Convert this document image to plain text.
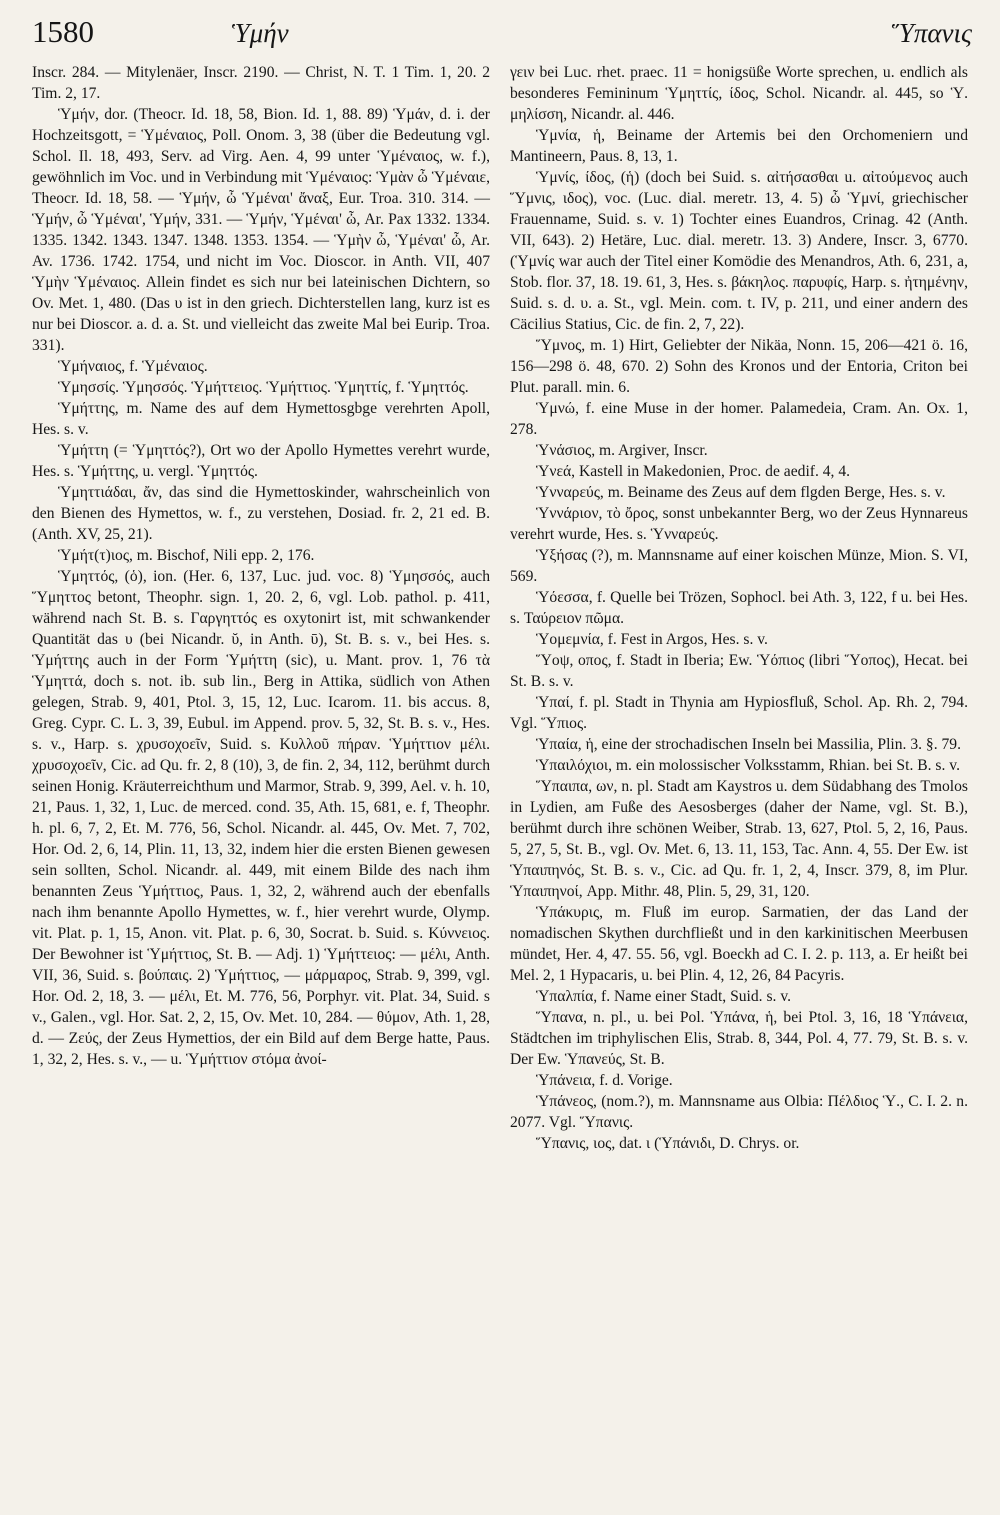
1580	Ὑμήν	Ὕπανις

Inscr. 284. — Mitylenäer, Inscr. 2190. — Christ, N. T. 1 Tim. 1, 20. 2 Tim. 2, 17.

Ὑμήν, dor. (Theocr. Id. 18, 58, Bion. Id. 1, 88. 89) Ὑμάν, d. i. der Hochzeitsgott, = Ὑμέναιος, Poll. Onom. 3, 38 (über die Bedeutung vgl. Schol. Il. 18, 493, Serv. ad Virg. Aen. 4, 99 unter Ὑμέναιος, w. f.), gewöhnlich im Voc. und in Verbindung mit Ὑμέναιος: Ὑμὰν ὦ Ὑμέναιε, Theocr. Id. 18, 58. — Ὑμήν, ὦ Ὑμέναι' ἄναξ, Eur. Troa. 310. 314. — Ὑμήν, ὦ Ὑμέναι', Ὑμήν, 331. — Ὑμήν, Ὑμέναι' ὦ, Ar. Pax 1332. 1334. 1335. 1342. 1343. 1347. 1348. 1353. 1354. — Ὑμὴν ὦ, Ὑμέναι' ὦ, Ar. Av. 1736. 1742. 1754, und nicht im Voc. Dioscor. in Anth. VII, 407 Ὑμὴν Ὑμέναιος. Allein findet es sich nur bei lateinischen Dichtern, so Ov. Met. 1, 480. (Das υ ist in den griech. Dichterstellen lang, kurz ist es nur bei Dioscor. a. d. a. St. und vielleicht das zweite Mal bei Eurip. Troa. 331).

Ὑμήναιος, f. Ὑμέναιος.

Ὑμησσίς. Ὑμησσός. Ὑμήττειος. Ὑμήττιος. Ὑμηττίς, f. Ὑμηττός.

Ὑμήττης, m. Name des auf dem Hymettosgbge verehrten Apoll, Hes. s. v.

Ὑμήττη (= Ὑμηττός?), Ort wo der Apollo Hymettes verehrt wurde, Hes. s. Ὑμήττης, u. vergl. Ὑμηττός.

Ὑμηττιάδαι, ἄν, das sind die Hymettoskinder, wahrscheinlich von den Bienen des Hymettos, w. f., zu verstehen, Dosiad. fr. 2, 21 ed. B. (Anth. XV, 25, 21).

Ὑμήτ(τ)ιος, m. Bischof, Nili epp. 2, 176.

Ὑμηττός, (ὁ), ion. (Her. 6, 137, Luc. jud. voc. 8) Ὑμησσός, auch Ὕμηττος betont, Theophr. sign. 1, 20. 2, 6, vgl. Lob. pathol. p. 411, während nach St. B. s. Γαργηττός es oxytonirt ist, mit schwankender Quantität das υ (bei Nicandr. ῠ, in Anth. ῡ), St. B. s. v., bei Hes. s. Ὑμήττης auch in der Form Ὑμήττη (sic), u. Mant. prov. 1, 76 τὰ Ὑμηττά, doch s. not. ib. sub lin., Berg in Attika, südlich von Athen gelegen, Strab. 9, 401, Ptol. 3, 15, 12, Luc. Icarom. 11. bis accus. 8, Greg. Cypr. C. L. 3, 39, Eubul. im Append. prov. 5, 32, St. B. s. v., Hes. s. v., Harp. s. χρυσοχοεῖν, Suid. s. Κυλλοῦ πήραν. Ὑμήττιον μέλι. χρυσοχοεῖν, Cic. ad Qu. fr. 2, 8 (10), 3, de fin. 2, 34, 112, berühmt durch seinen Honig. Kräuterreichthum und Marmor, Strab. 9, 399, Ael. v. h. 10, 21, Paus. 1, 32, 1, Luc. de merced. cond. 35, Ath. 15, 681, e. f, Theophr. h. pl. 6, 7, 2, Et. M. 776, 56, Schol. Nicandr. al. 445, Ov. Met. 7, 702, Hor. Od. 2, 6, 14, Plin. 11, 13, 32, indem hier die ersten Bienen gewesen sein sollten, Schol. Nicandr. al. 449, mit einem Bilde des nach ihm benannten Zeus Ὑμήττιος, Paus. 1, 32, 2, während auch der ebenfalls nach ihm benannte Apollo Hymettes, w. f., hier verehrt wurde, Olymp. vit. Plat. p. 1, 15, Anon. vit. Plat. p. 6, 30, Socrat. b. Suid. s. Κύννειος. Der Bewohner ist Ὑμήττιος, St. B. — Adj. 1) Ὑμήττειος: — μέλι, Anth. VII, 36, Suid. s. βούπαις. 2) Ὑμήττιος, — μάρμαρος, Strab. 9, 399, vgl. Hor. Od. 2, 18, 3. — μέλι, Et. M. 776, 56, Porphyr. vit. Plat. 34, Suid. s v., Galen., vgl. Hor. Sat. 2, 2, 15, Ov. Met. 10, 284. — θύμον, Ath. 1, 28, d. — Ζεύς, der Zeus Hymettios, der ein Bild auf dem Berge hatte, Paus. 1, 32, 2, Hes. s. v., — u. Ὑμήττιον στόμα ἀνοί-

γειν bei Luc. rhet. praec. 11 = honigsüße Worte sprechen, u. endlich als besonderes Femininum Ὑμηττίς, ίδος, Schol. Nicandr. al. 445, so Ὑ. μηλίσση, Nicandr. al. 446.

Ὑμνία, ἡ, Beiname der Artemis bei den Orchomeniern und Mantineern, Paus. 8, 13, 1.

Ὑμνίς, ίδος, (ἡ) (doch bei Suid. s. αἰτήσασθαι u. αἰτούμενος auch Ὕμνις, ιδος), voc. (Luc. dial. meretr. 13, 4. 5) ὦ Ὑμνί, griechischer Frauenname, Suid. s. v. 1) Tochter eines Euandros, Crinag. 42 (Anth. VII, 643). 2) Hetäre, Luc. dial. meretr. 13. 3) Andere, Inscr. 3, 6770. (Ὑμνίς war auch der Titel einer Komödie des Menandros, Ath. 6, 231, a, Stob. flor. 37, 18. 19. 61, 3, Hes. s. βάκηλος. παρυφίς, Harp. s. ἠτημένην, Suid. s. d. υ. a. St., vgl. Mein. com. t. IV, p. 211, und einer andern des Cäcilius Statius, Cic. de fin. 2, 7, 22).

Ὕμνος, m. 1) Hirt, Geliebter der Nikäa, Nonn. 15, 206—421 ö. 16, 156—298 ö. 48, 670. 2) Sohn des Kronos und der Entoria, Criton bei Plut. parall. min. 6.

Ὑμνώ, f. eine Muse in der homer. Palamedeia, Cram. An. Ox. 1, 278.

Ὑνάσιος, m. Argiver, Inscr.

Ὑνεά, Kastell in Makedonien, Proc. de aedif. 4, 4.

Ὑνναρεύς, m. Beiname des Zeus auf dem flgden Berge, Hes. s. v.

Ὑννάριον, τὸ ὄρος, sonst unbekannter Berg, wo der Zeus Hynnareus verehrt wurde, Hes. s. Ὑνναρεύς.

Ὑξήσας (?), m. Mannsname auf einer koischen Münze, Mion. S. VI, 569.

Ὑόεσσα, f. Quelle bei Trözen, Sophocl. bei Ath. 3, 122, f u. bei Hes. s. Ταύρειον πῶμα.

Ὑομεμνία, f. Fest in Argos, Hes. s. v.

Ὕοψ, οπος, f. Stadt in Iberia; Ew. Ὑόπιος (libri Ὕοπος), Hecat. bei St. B. s. v.

Ὑπαί, f. pl. Stadt in Thynia am Hypiosfluß, Schol. Ap. Rh. 2, 794. Vgl. Ὕπιος.

Ὑπαία, ἡ, eine der strochadischen Inseln bei Massilia, Plin. 3. §. 79.

Ὑπαιλόχιοι, m. ein molossischer Volksstamm, Rhian. bei St. B. s. v.

Ὕπαιπα, ων, n. pl. Stadt am Kaystros u. dem Südabhang des Tmolos in Lydien, am Fuße des Aesosberges (daher der Name, vgl. St. B.), berühmt durch ihre schönen Weiber, Strab. 13, 627, Ptol. 5, 2, 16, Paus. 5, 27, 5, St. B., vgl. Ov. Met. 6, 13. 11, 153, Tac. Ann. 4, 55. Der Ew. ist Ὑπαιπηνός, St. B. s. v., Cic. ad Qu. fr. 1, 2, 4, Inscr. 379, 8, im Plur. Ὑπαιπηνοί, App. Mithr. 48, Plin. 5, 29, 31, 120.

Ὑπάκυρις, m. Fluß im europ. Sarmatien, der das Land der nomadischen Skythen durchfließt und in den karkinitischen Meerbusen mündet, Her. 4, 47. 55. 56, vgl. Boeckh ad C. I. 2. p. 113, a. Er heißt bei Mel. 2, 1 Hypacaris, u. bei Plin. 4, 12, 26, 84 Pacyris.

Ὑπαλπία, f. Name einer Stadt, Suid. s. v.

Ὕπανα, n. pl., u. bei Pol. Ὑπάνα, ἡ, bei Ptol. 3, 16, 18 Ὑπάνεια, Städtchen im triphylischen Elis, Strab. 8, 344, Pol. 4, 77. 79, St. B. s. v. Der Ew. Ὑπανεύς, St. B.

Ὑπάνεια, f. d. Vorige.

Ὑπάνεος, (nom.?), m. Mannsname aus Olbia: Πέλδιος Ὑ., C. I. 2. n. 2077. Vgl. Ὕπανις.

Ὕπανις, ιος, dat. ι (Ὑπάνιδι, D. Chrys. or.
